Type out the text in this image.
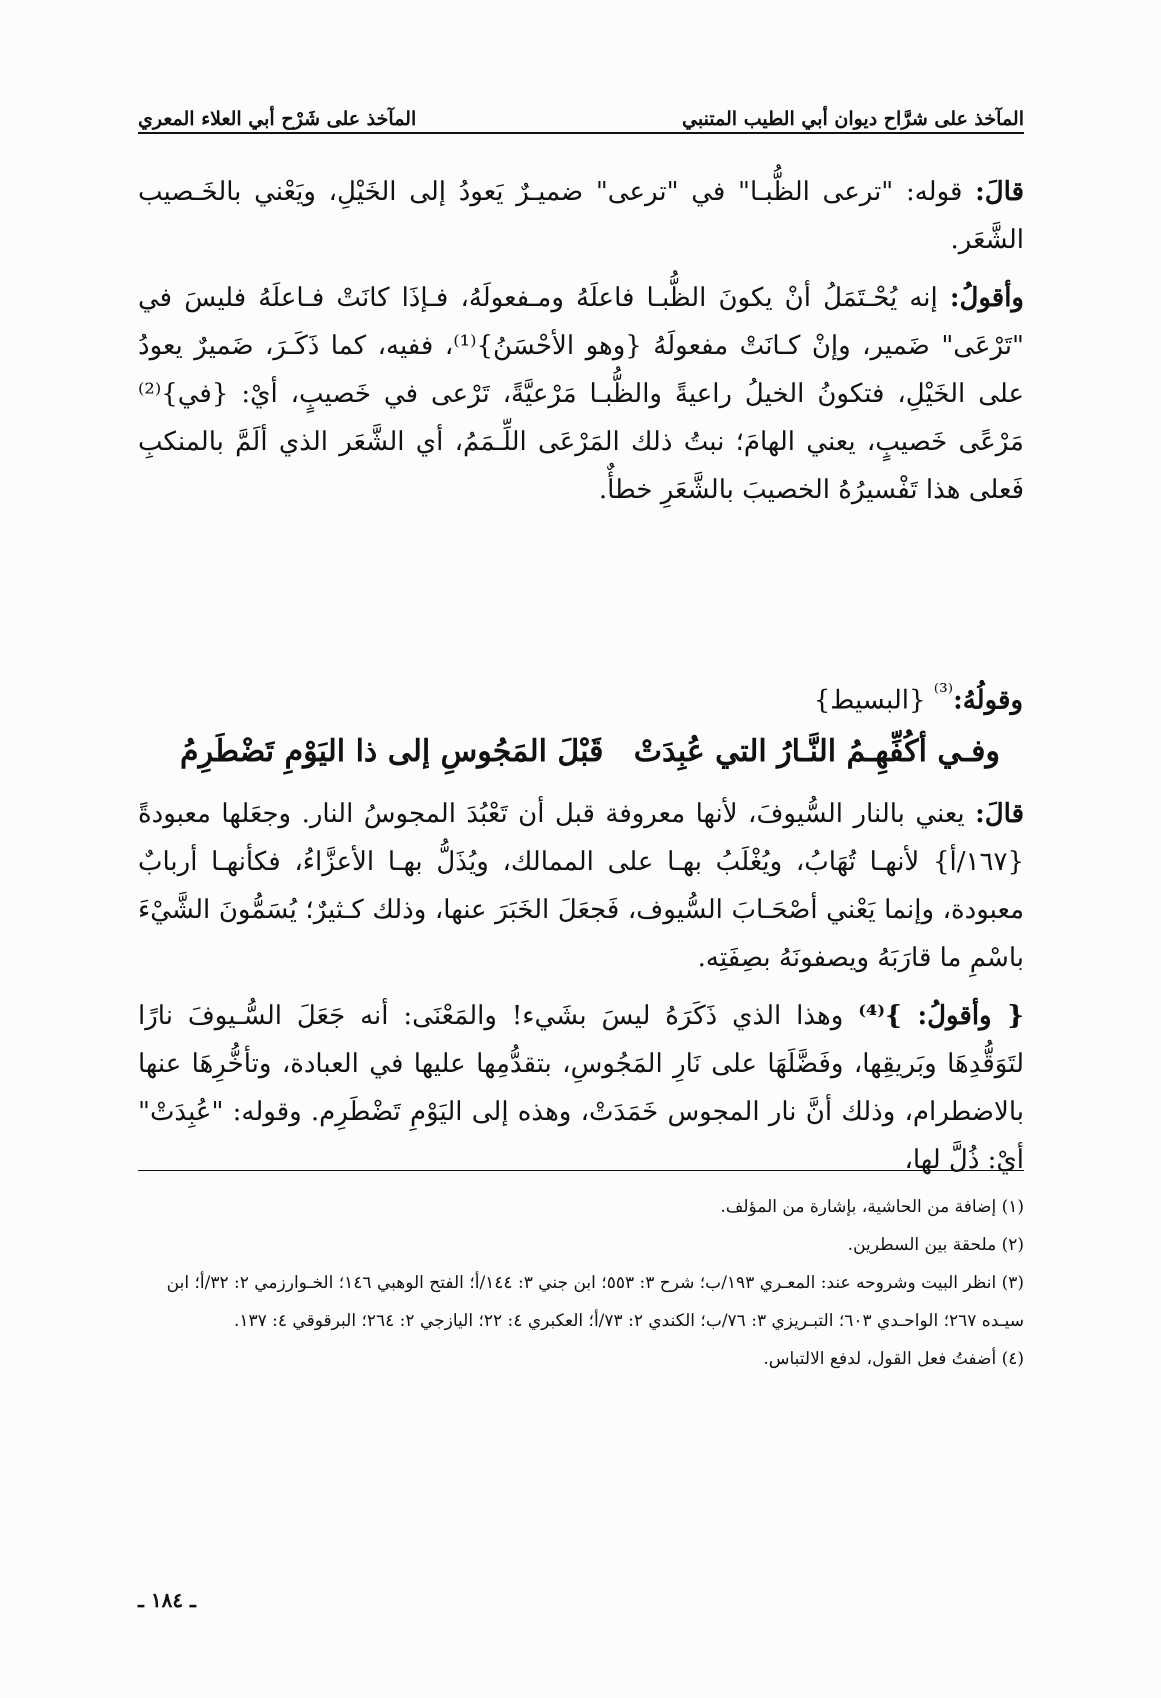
المآخذ على شرَّاح ديوان أبي الطيب المتنبي
المآخذ على شَرْح أبي العلاء المعري

قالَ: قوله: "ترعى الظُّبـا" في "ترعى" ضميـرٌ يَعودُ إلى الخَيْلِ، ويَعْني بالخَـصيب الشَّعَر.

وأقولُ: إنه يُحْـتَمَلُ أنْ يكونَ الظُّبـا فاعلَهُ ومـفعولَهُ، فـإذَا كانَتْ فـاعلَهُ فليسَ في "تَرْعَى" ضَمير، وإنْ كـانَتْ مفعولَهُ {وهو الأحْسَنُ}⁽¹⁾، ففيه، كما ذَكَـرَ، ضَميرٌ يعودُ على الخَيْلِ، فتكونُ الخيلُ راعيةً والظُّبـا مَرْعيَّةً، تَرْعى في خَصيبٍ، أيْ: {في}⁽²⁾ مَرْعًى خَصيبٍ، يعني الهامَ؛ نبتُ ذلك المَرْعَى اللِّـمَمُ، أي الشَّعَر الذي ألَمَّ بالمنكبِ فَعلى هذا تَفْسيرُهُ الخصيبَ بالشَّعَرِ خطأٌ.

وقولُهُ:$^{^{(3)}}$ {البسيط}
وفـي أكُفِّهِـمُ النَّـارُ التي عُبِدَتْ
قَبْلَ المَجُوسِ إلى ذا اليَوْمِ تَضْطَرِمُ

قالَ: يعني بالنار السُّيوفَ، لأنها معروفة قبل أن تَعْبُدَ المجوسُ النار. وجعَلها معبودةً {١٦٧/أ} لأنهـا تُهَابُ، ويُغْلَبُ بهـا على الممالك، ويُذَلُّ بهـا الأعزَّاءُ، فكأنهـا أربابٌ معبودة، وإنما يَعْني أصْحَـابَ السُّيوف، فَجعَلَ الخَبَرَ عنها، وذلك كـثيرٌ؛ يُسَمُّونَ الشَّيْءَ باسْمِ ما قارَبَهُ ويصفونَهُ بصِفَتِه.

{ وأقولُ: }⁽⁴⁾ وهذا الذي ذَكَرَهُ ليسَ بشَيء! والمَعْنَى: أنه جَعَلَ السُّـيوفَ نارًا لتَوَقُّدِهَا وبَريقِها، وفَضَّلَهَا على نَارِ المَجُوسِ، بتقدُّمِها عليها في العبادة، وتأخُّرِهَا عنها بالاضطرام، وذلك أنَّ نار المجوس خَمَدَتْ، وهذه إلى اليَوْمِ تَضْطَرِم. وقوله: "عُبِدَتْ" أيْ: ذُلَّ لها،

(١) إضافة من الحاشية، بإشارة من المؤلف.

(٢) ملحقة بين السطرين.

(٣) انظر البيت وشروحه عند: المعـري ١٩٣/ب؛ شرح ٣: ٥٥٣؛ ابن جني ٣: ١٤٤/أ؛ الفتح الوهبي ١٤٦؛ الخـوارزمي ٢: ٣٢/أ؛ ابن سيـده ٢٦٧؛ الواحـدي ٦٠٣؛ التبـريزي ٣: ٧٦/ب؛ الكندي ٢: ٧٣/أ؛ العكبري ٤: ٢٢؛ اليازجي ٢: ٢٦٤؛ البرقوقي ٤: ١٣٧.

(٤) أضفتُ فعل القول، لدفع الالتباس.

ـ ١٨٤ ـ
